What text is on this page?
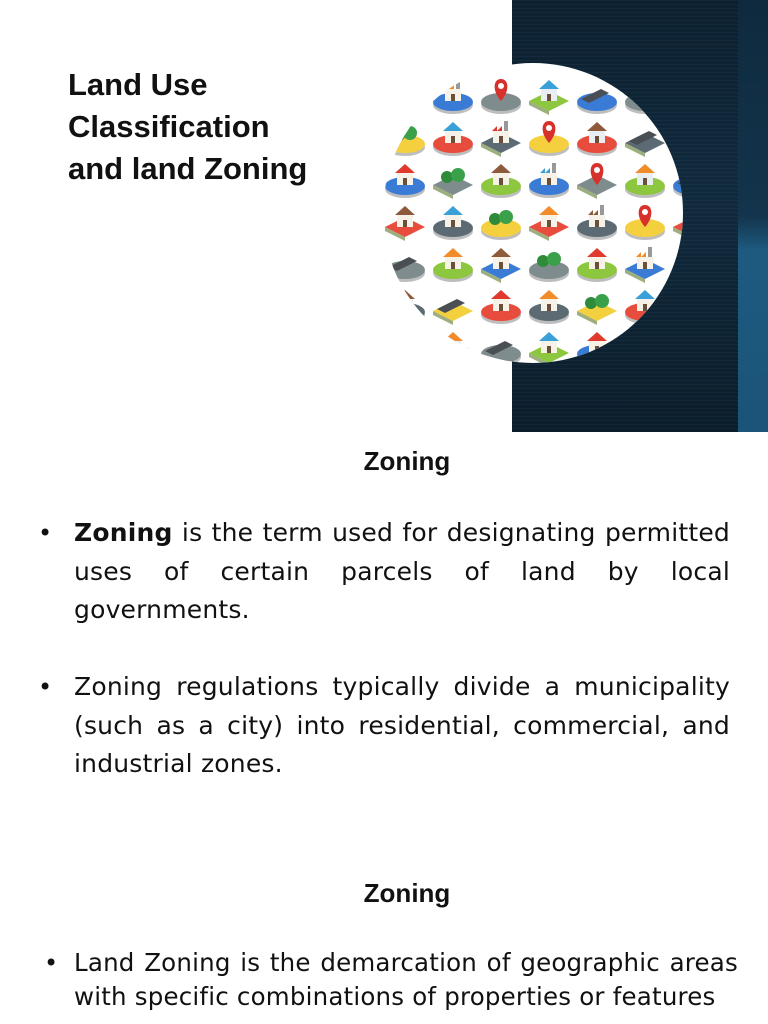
Land Use
Classification
and land Zoning
Zoning
• Zoning is the term used for designating permitted uses of certain parcels of land by local governments.
• Zoning regulations typically divide a municipality (such as a city) into residential, commercial, and industrial zones.
Zoning
• Land Zoning is the demarcation of geographic areas with specific combinations of properties or features
